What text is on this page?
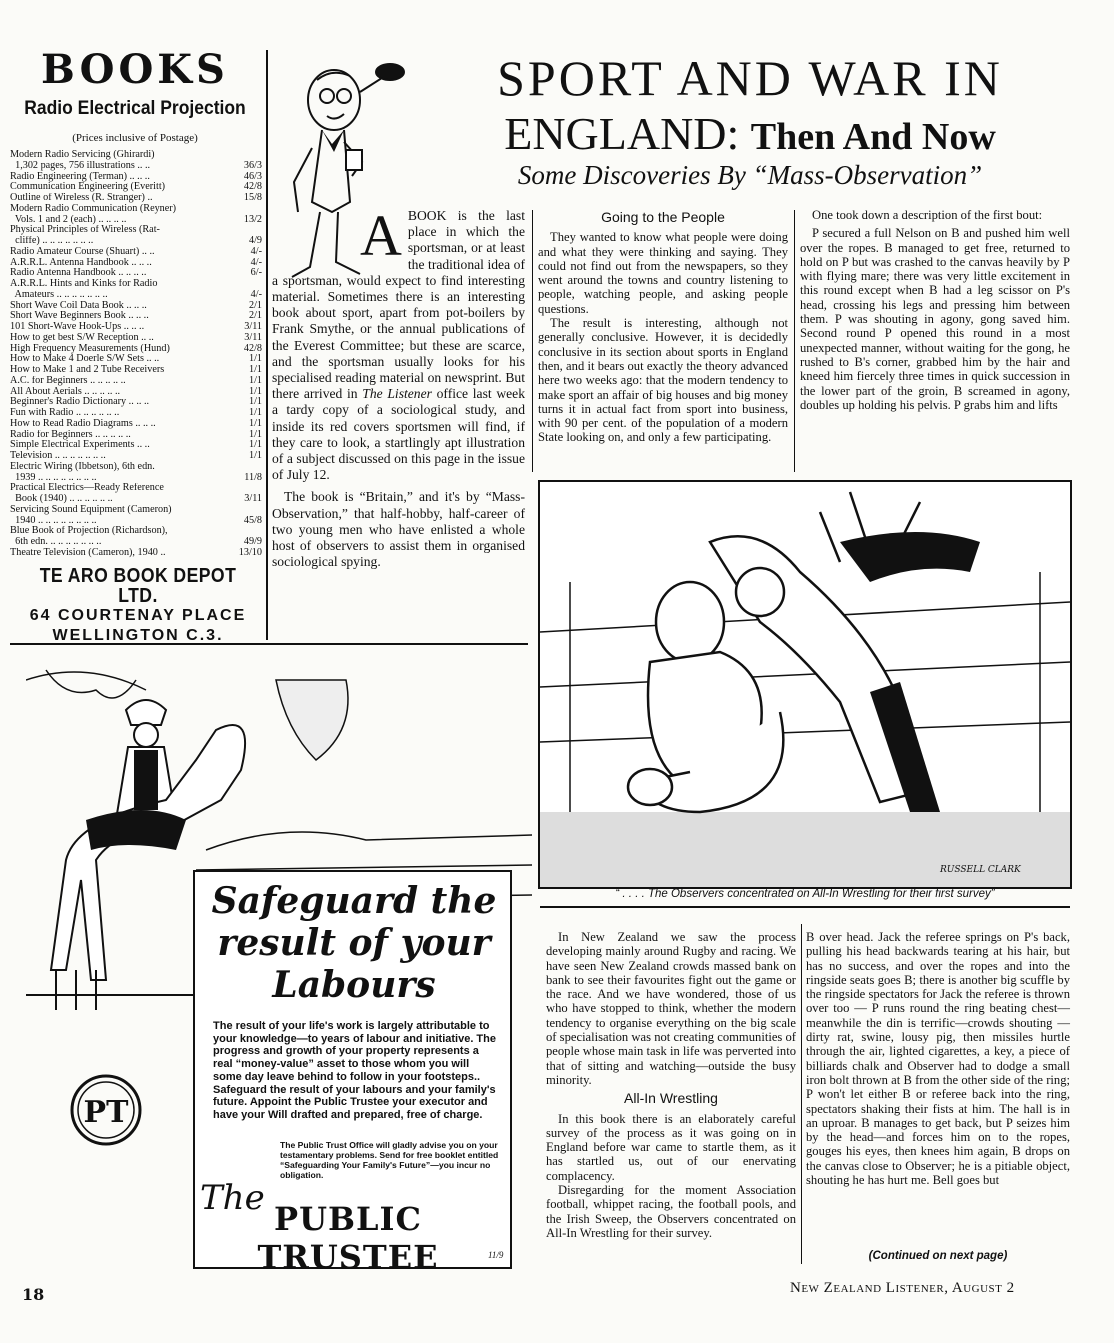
BOOKS
Radio Electrical Projection
(Prices inclusive of Postage)
Modern Radio Servicing (Ghirardi)
1,302 pages, 756 illustrations .. ..	36/3
Radio Engineering (Terman) .. .. ..	46/3
Communication Engineering (Everitt)	42/8
Outline of Wireless (R. Stranger) ..	15/8
Modern Radio Communication (Reyner)
Vols. 1 and 2 (each) .. .. .. ..	13/2
Physical Principles of Wireless (Rat-
cliffe) .. .. .. .. .. .. ..	4/9
Radio Amateur Course (Shuart) .. ..	4/-
A.R.R.L. Antenna Handbook .. .. ..	4/-
Radio Antenna Handbook .. .. .. ..	6/-
A.R.R.L. Hints and Kinks for Radio
Amateurs .. .. .. .. .. .. ..	4/-
Short Wave Coil Data Book .. .. ..	2/1
Short Wave Beginners Book .. .. ..	2/1
101 Short-Wave Hook-Ups .. .. ..	3/11
How to get best S/W Reception .. ..	3/11
High Frequency Measurements (Hund)	42/8
How to Make 4 Doerle S/W Sets .. ..	1/1
How to Make 1 and 2 Tube Receivers	1/1
A.C. for Beginners .. .. .. .. ..	1/1
All About Aerials .. .. .. .. ..	1/1
Beginner's Radio Dictionary .. .. ..	1/1
Fun with Radio .. .. .. .. .. ..	1/1
How to Read Radio Diagrams .. .. ..	1/1
Radio for Beginners .. .. .. .. ..	1/1
Simple Electrical Experiments .. ..	1/1
Television .. .. .. .. .. .. ..	1/1
Electric Wiring (Ibbetson), 6th edn.
1939 .. .. .. .. .. .. .. ..	11/8
Practical Electrics—Ready Reference
Book (1940) .. .. .. .. .. ..	3/11
Servicing Sound Equipment (Cameron)
1940 .. .. .. .. .. .. .. ..	45/8
Blue Book of Projection (Richardson),
6th edn. .. .. .. .. .. .. ..	49/9
Theatre Television (Cameron), 1940 ..	13/10
TE ARO BOOK DEPOT LTD.
64 COURTENAY PLACE
WELLINGTON C.3.
SPORT AND WAR IN
ENGLAND: Then And Now
Some Discoveries By “Mass-Observation”

ABOOK is the last place in which the sportsman, or at least the traditional idea of a sportsman, would expect to find interesting material. Sometimes there is an interesting book about sport, apart from pot-boilers by Frank Smythe, or the annual publications of the Everest Committee; but these are scarce, and the sportsman usually looks for his specialised reading material on newsprint. But there arrived in The Listener office last week a tardy copy of a sociological study, and inside its red covers sportsmen will find, if they care to look, a startlingly apt illustration of a subject discussed on this page in the issue of July 12.

The book is “Britain,” and it's by “Mass-Observation,” that half-hobby, half-career of two young men who have enlisted a whole host of observers to assist them in organised sociological spying.

Going to the People

They wanted to know what people were doing and what they were thinking and saying. They could not find out from the newspapers, so they went around the towns and country listening to people, watching people, and asking people questions.

The result is interesting, although not generally conclusive. However, it is decidedly conclusive in its section about sports in England then, and it bears out exactly the theory advanced here two weeks ago: that the modern tendency to make sport an affair of big houses and big money turns it in actual fact from sport into business, with 90 per cent. of the population of a modern State looking on, and only a few participating.

One took down a description of the first bout:

P secured a full Nelson on B and pushed him well over the ropes. B managed to get free, returned to hold on P but was crashed to the canvas heavily by P with flying mare; there was very little excitement in this round except when B had a leg scissor on P's head, crossing his legs and pressing him between them. P was shouting in agony, gong saved him. Second round P opened this round in a most unexpected manner, without waiting for the gong, he rushed to B's corner, grabbed him by the hair and kneed him fiercely three times in quick succession in the lower part of the groin, B screamed in agony, doubles up holding his pelvis. P grabs him and lifts

RUSSELL CLARK
“ . . . . The Observers concentrated on All-In Wrestling for their first survey”

In New Zealand we saw the process developing mainly around Rugby and racing. We have seen New Zealand crowds massed bank on bank to see their favourites fight out the game or the race. And we have wondered, those of us who have stopped to think, whether the modern tendency to organise everything on the big scale of specialisation was not creating communities of people whose main task in life was perverted into that of sitting and watching—outside the busy minority.

All-In Wrestling

In this book there is an elaborately careful survey of the process as it was going on in England before war came to startle them, as it has startled us, out of our enervating complacency.

Disregarding for the moment Association football, whippet racing, the football pools, and the Irish Sweep, the Observers concentrated on All-In Wrestling for their survey.

B over head. Jack the referee springs on P's back, pulling his head backwards tearing at his hair, but has no success, and over the ropes and into the ringside seats goes B; there is another big scuffle by the ringside spectators for Jack the referee is thrown over too — P runs round the ring beating chest—meanwhile the din is terrific—crowds shouting — dirty rat, swine, lousy pig, then missiles hurtle through the air, lighted cigarettes, a key, a piece of billiards chalk and Observer had to dodge a small iron bolt thrown at B from the other side of the ring; P won't let either B or referee back into the ring, spectators shaking their fists at him. The hall is in an uproar. B manages to get back, but P seizes him by the head—and forces him on to the ropes, gouges his eyes, then knees him again, B drops on the canvas close to Observer; he is a pitiable object, shouting he has hurt me. Bell goes but

(Continued on next page)
PT
Safeguard the result of your Labours
The result of your life's work is largely attributable to your knowledge—to years of labour and initiative. The progress and growth of your property represents a real “money-value” asset to those whom you will some day leave behind to follow in your footsteps.. Safeguard the result of your labours and your family's future. Appoint the Public Trustee your executor and have your Will drafted and prepared, free of charge.
The Public Trust Office will gladly advise you on your testamentary problems. Send for free booklet entitled “Safeguarding Your Family's Future”—you incur no obligation.
The
PUBLIC TRUSTEE	11/9
18	New Zealand Listener, August 2
